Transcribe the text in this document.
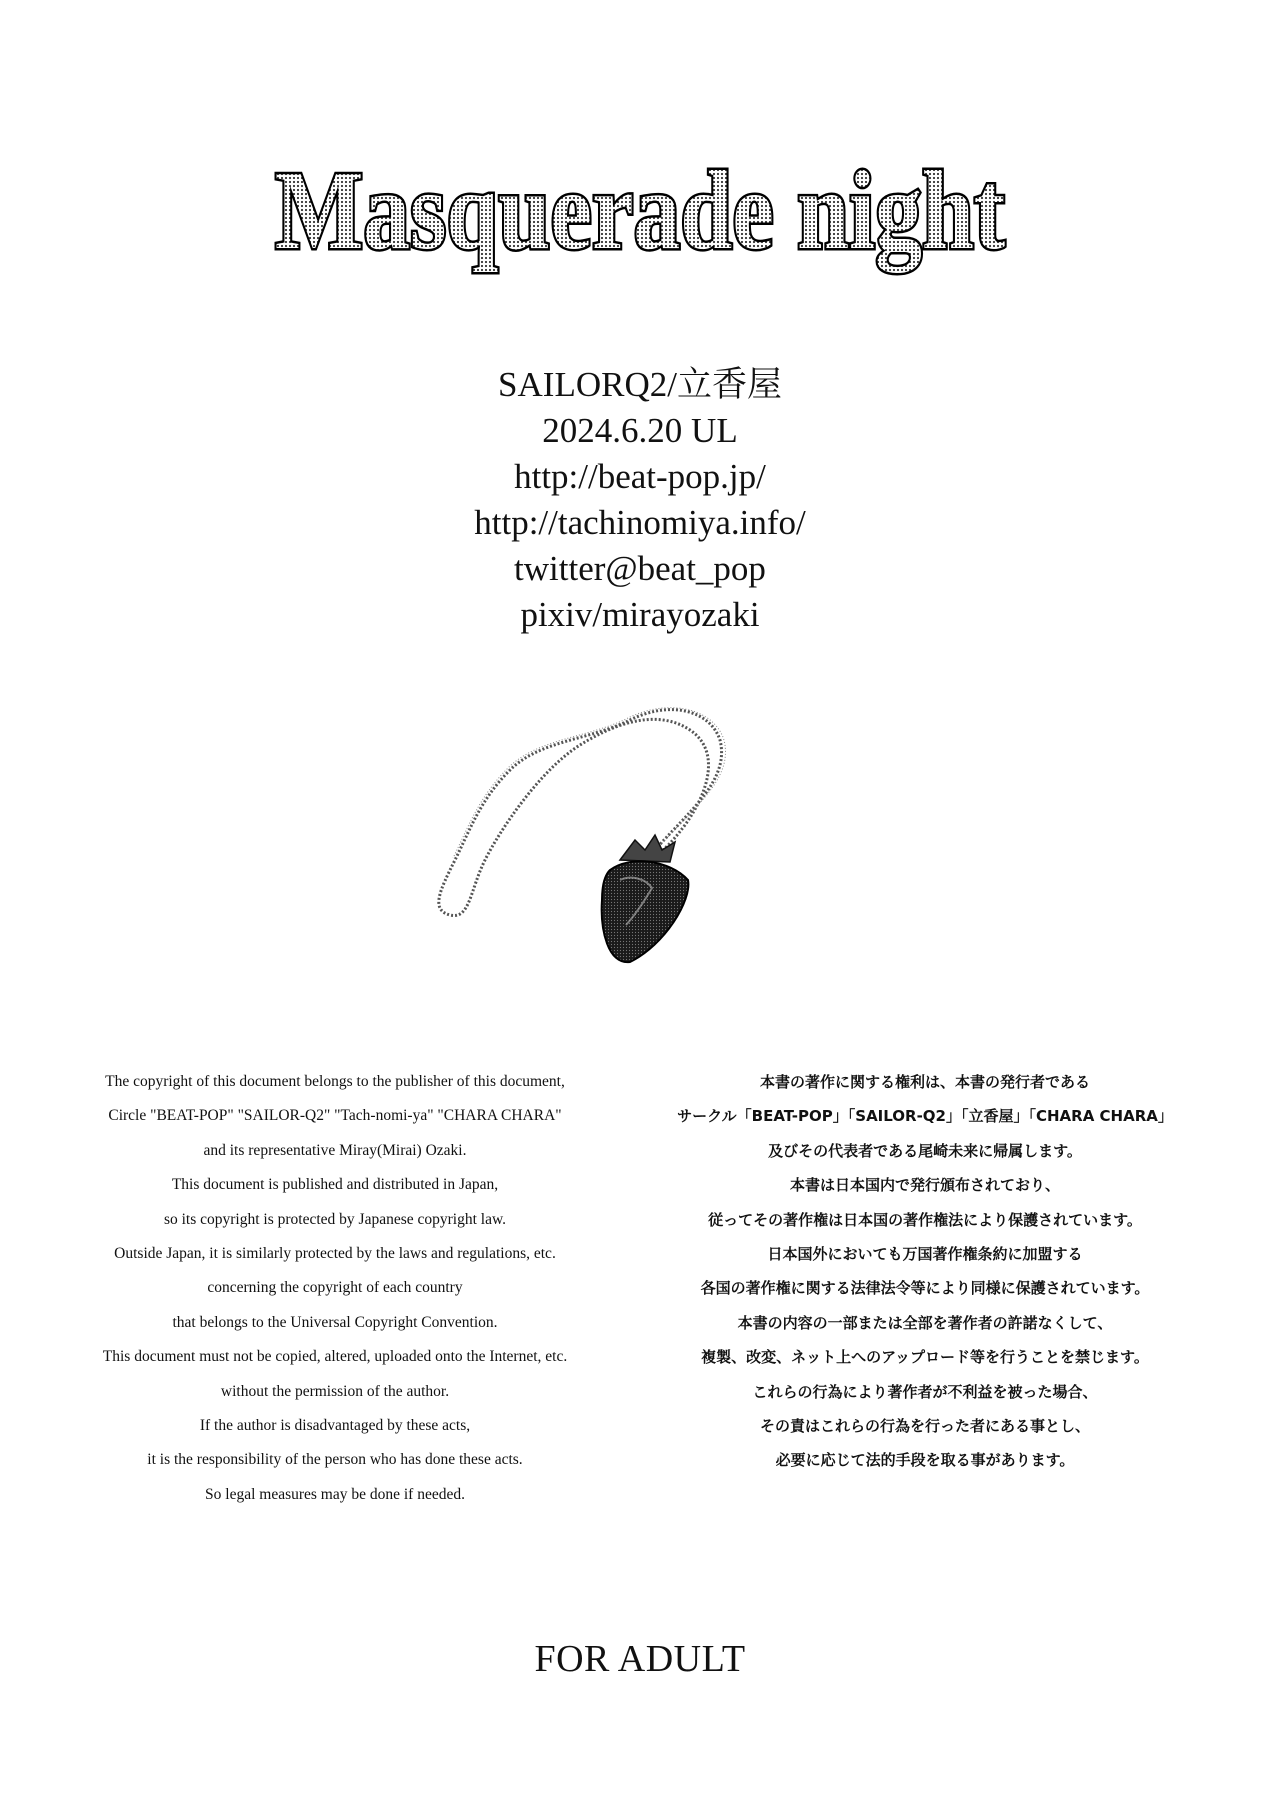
Masquerade night
SAILORQ2/立香屋
2024.6.20 UL
http://beat-pop.jp/
http://tachinomiya.info/
twitter@beat_pop
pixiv/mirayozaki
The copyright of this document belongs to the publisher of this document,
Circle "BEAT-POP" "SAILOR-Q2" "Tach-nomi-ya" "CHARA CHARA"
and its representative Miray(Mirai) Ozaki.
This document is published and distributed in Japan,
so its copyright is protected by Japanese copyright law.
Outside Japan, it is similarly protected by the laws and regulations, etc.
concerning the copyright of each country
that belongs to the Universal Copyright Convention.
This document must not be copied, altered, uploaded onto the Internet, etc.
without the permission of the author.
If the author is disadvantaged by these acts,
it is the responsibility of the person who has done these acts.
So legal measures may be done if needed.
本書の著作に関する権利は、本書の発行者である
サークル「BEAT-POP」「SAILOR-Q2」「立香屋」「CHARA CHARA」
及びその代表者である尾崎未来に帰属します。
本書は日本国内で発行頒布されており、
従ってその著作権は日本国の著作権法により保護されています。
日本国外においても万国著作権条約に加盟する
各国の著作権に関する法律法令等により同様に保護されています。
本書の内容の一部または全部を著作者の許諾なくして、
複製、改変、ネット上へのアップロード等を行うことを禁じます。
これらの行為により著作者が不利益を被った場合、
その責はこれらの行為を行った者にある事とし、
必要に応じて法的手段を取る事があります。
FOR ADULT
